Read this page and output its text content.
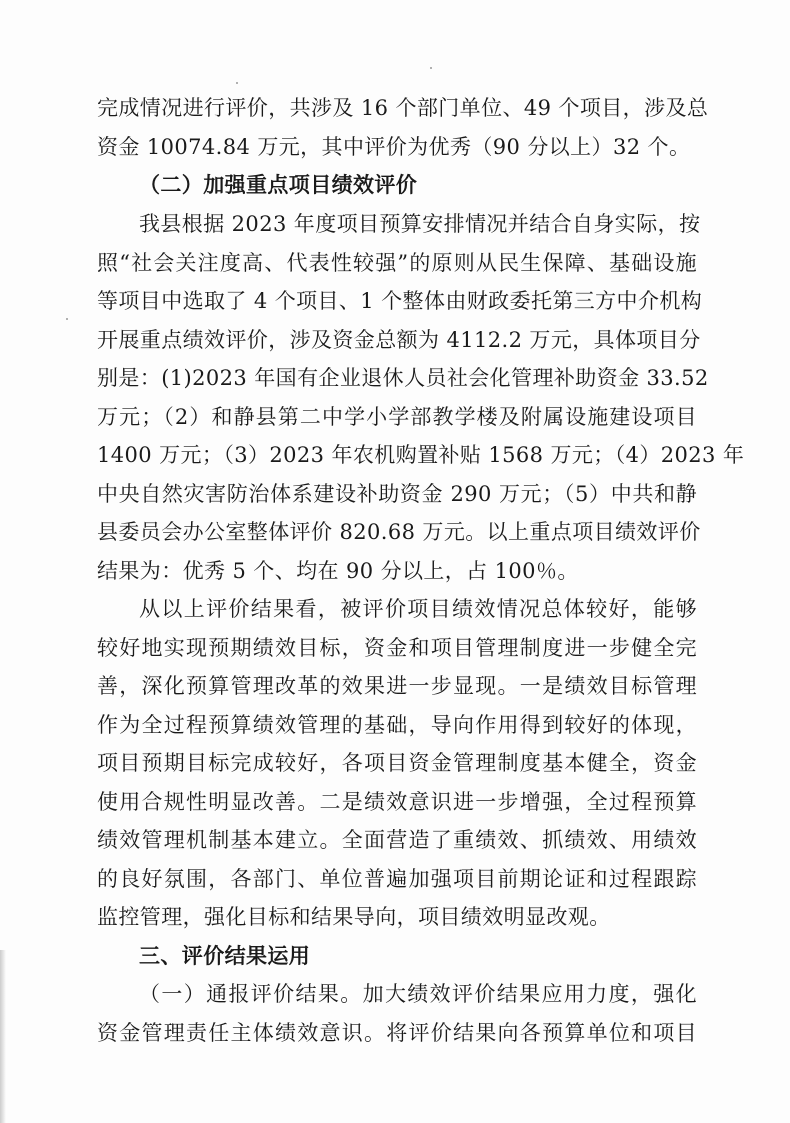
完成情况进行评价，共涉及 16 个部门单位、49 个项目，涉及总
资金 10074.84 万元，其中评价为优秀（90 分以上）32 个。
（二）加强重点项目绩效评价
我县根据 2023 年度项目预算安排情况并结合自身实际，按
照“社会关注度高、代表性较强”的原则从民生保障、基础设施
等项目中选取了 4 个项目、1 个整体由财政委托第三方中介机构
开展重点绩效评价，涉及资金总额为 4112.2 万元，具体项目分
别是：(1)2023 年国有企业退休人员社会化管理补助资金 33.52
万元；（2）和静县第二中学小学部教学楼及附属设施建设项目
1400 万元；（3）2023 年农机购置补贴 1568 万元；（4）2023 年
中央自然灾害防治体系建设补助资金 290 万元；（5）中共和静
县委员会办公室整体评价 820.68 万元。以上重点项目绩效评价
结果为：优秀 5 个、均在 90 分以上，占 100％。
从以上评价结果看，被评价项目绩效情况总体较好，能够
较好地实现预期绩效目标，资金和项目管理制度进一步健全完
善，深化预算管理改革的效果进一步显现。一是绩效目标管理
作为全过程预算绩效管理的基础，导向作用得到较好的体现，
项目预期目标完成较好，各项目资金管理制度基本健全，资金
使用合规性明显改善。二是绩效意识进一步增强，全过程预算
绩效管理机制基本建立。全面营造了重绩效、抓绩效、用绩效
的良好氛围，各部门、单位普遍加强项目前期论证和过程跟踪
监控管理，强化目标和结果导向，项目绩效明显改观。
三、评价结果运用
（一）通报评价结果。加大绩效评价结果应用力度，强化
资金管理责任主体绩效意识。将评价结果向各预算单位和项目
